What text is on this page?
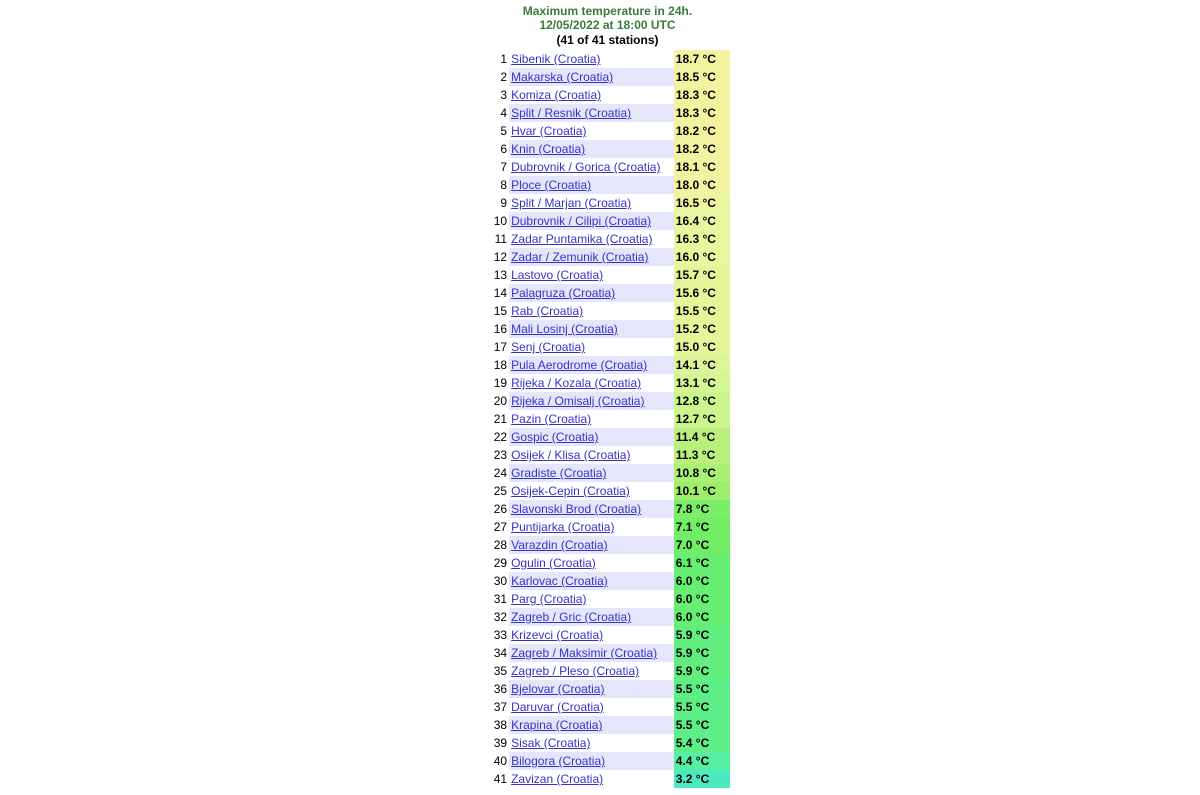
Maximum temperature in 24h.
12/05/2022 at 18:00 UTC
(41 of 41 stations)
1	Sibenik (Croatia)	18.7 °C
2	Makarska (Croatia)	18.5 °C
3	Komiza (Croatia)	18.3 °C
4	Split / Resnik (Croatia)	18.3 °C
5	Hvar (Croatia)	18.2 °C
6	Knin (Croatia)	18.2 °C
7	Dubrovnik / Gorica (Croatia)	18.1 °C
8	Ploce (Croatia)	18.0 °C
9	Split / Marjan (Croatia)	16.5 °C
10	Dubrovnik / Cilipi (Croatia)	16.4 °C
11	Zadar Puntamika (Croatia)	16.3 °C
12	Zadar / Zemunik (Croatia)	16.0 °C
13	Lastovo (Croatia)	15.7 °C
14	Palagruza (Croatia)	15.6 °C
15	Rab (Croatia)	15.5 °C
16	Mali Losinj (Croatia)	15.2 °C
17	Senj (Croatia)	15.0 °C
18	Pula Aerodrome (Croatia)	14.1 °C
19	Rijeka / Kozala (Croatia)	13.1 °C
20	Rijeka / Omisalj (Croatia)	12.8 °C
21	Pazin (Croatia)	12.7 °C
22	Gospic (Croatia)	11.4 °C
23	Osijek / Klisa (Croatia)	11.3 °C
24	Gradiste (Croatia)	10.8 °C
25	Osijek-Cepin (Croatia)	10.1 °C
26	Slavonski Brod (Croatia)	7.8 °C
27	Puntijarka (Croatia)	7.1 °C
28	Varazdin (Croatia)	7.0 °C
29	Ogulin (Croatia)	6.1 °C
30	Karlovac (Croatia)	6.0 °C
31	Parg (Croatia)	6.0 °C
32	Zagreb / Gric (Croatia)	6.0 °C
33	Krizevci (Croatia)	5.9 °C
34	Zagreb / Maksimir (Croatia)	5.9 °C
35	Zagreb / Pleso (Croatia)	5.9 °C
36	Bjelovar (Croatia)	5.5 °C
37	Daruvar (Croatia)	5.5 °C
38	Krapina (Croatia)	5.5 °C
39	Sisak (Croatia)	5.4 °C
40	Bilogora (Croatia)	4.4 °C
41	Zavizan (Croatia)	3.2 °C
